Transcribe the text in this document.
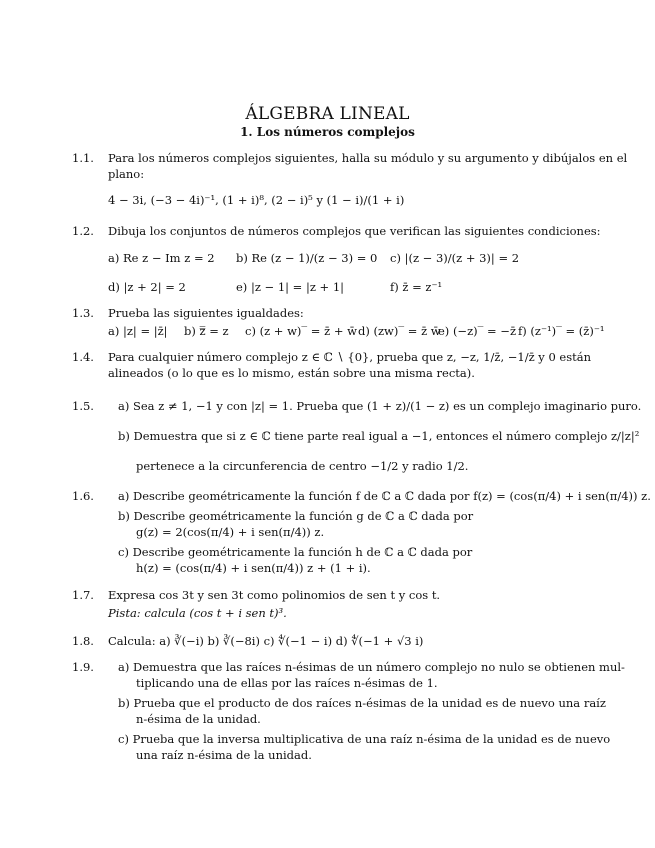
ÁLGEBRA LINEAL
1. Los números complejos
1.1.	Para los números complejos siguientes, halla su módulo y su argumento y dibújalos en el
plano:
4 − 3i, (−3 − 4i)⁻¹, (1 + i)⁸, (2 − i)⁵ y (1 − i)/(1 + i)
1.2.	Dibuja los conjuntos de números complejos que verifican las siguientes condiciones:
a) Re z − Im z = 2 b) Re (z − 1)/(z − 3) = 0 c) |(z − 3)/(z + 3)| = 2
d) |z + 2| = 2	e) |z − 1| = |z + 1|	f) z̄ = z⁻¹
1.3.	Prueba las siguientes igualdades:
a) |z| = |z̄| b) z̿ = z c) (z + w)‾ = z̄ + w̄ d) (zw)‾ = z̄ w̄
e) (−z)‾ = −z̄ f) (z⁻¹)‾ = (z̄)⁻¹
1.4.	Para cualquier número complejo z ∈ ℂ ∖ {0}, prueba que z, −z, 1/z̄, −1/z̄ y 0 están
alineados (o lo que es lo mismo, están sobre una misma recta).
1.5.	a) Sea z ≠ 1, −1 y con |z| = 1. Prueba que (1 + z)/(1 − z) es un complejo imaginario puro.
b) Demuestra que si z ∈ ℂ tiene parte real igual a −1, entonces el número complejo z/|z|²
pertenece a la circunferencia de centro −1/2 y radio 1/2.
1.6.	a) Describe geométricamente la función f de ℂ a ℂ dada por f(z) = (cos(π/4) + i sen(π/4)) z.
b) Describe geométricamente la función g de ℂ a ℂ dada por
g(z) = 2(cos(π/4) + i sen(π/4)) z.
c) Describe geométricamente la función h de ℂ a ℂ dada por
h(z) = (cos(π/4) + i sen(π/4)) z + (1 + i).
1.7.	Expresa cos 3t y sen 3t como polinomios de sen t y cos t.
Pista: calcula (cos t + i sen t)³.
1.8.	Calcula: a) ∛(−i) b) ∛(−8i) c) ∜(−1 − i) d) ∜(−1 + √3 i)
1.9.	a) Demuestra que las raíces n-ésimas de un número complejo no nulo se obtienen mul-
tiplicando una de ellas por las raíces n-ésimas de 1.
b) Prueba que el producto de dos raíces n-ésimas de la unidad es de nuevo una raíz
n-ésima de la unidad.
c) Prueba que la inversa multiplicativa de una raíz n-ésima de la unidad es de nuevo
una raíz n-ésima de la unidad.
